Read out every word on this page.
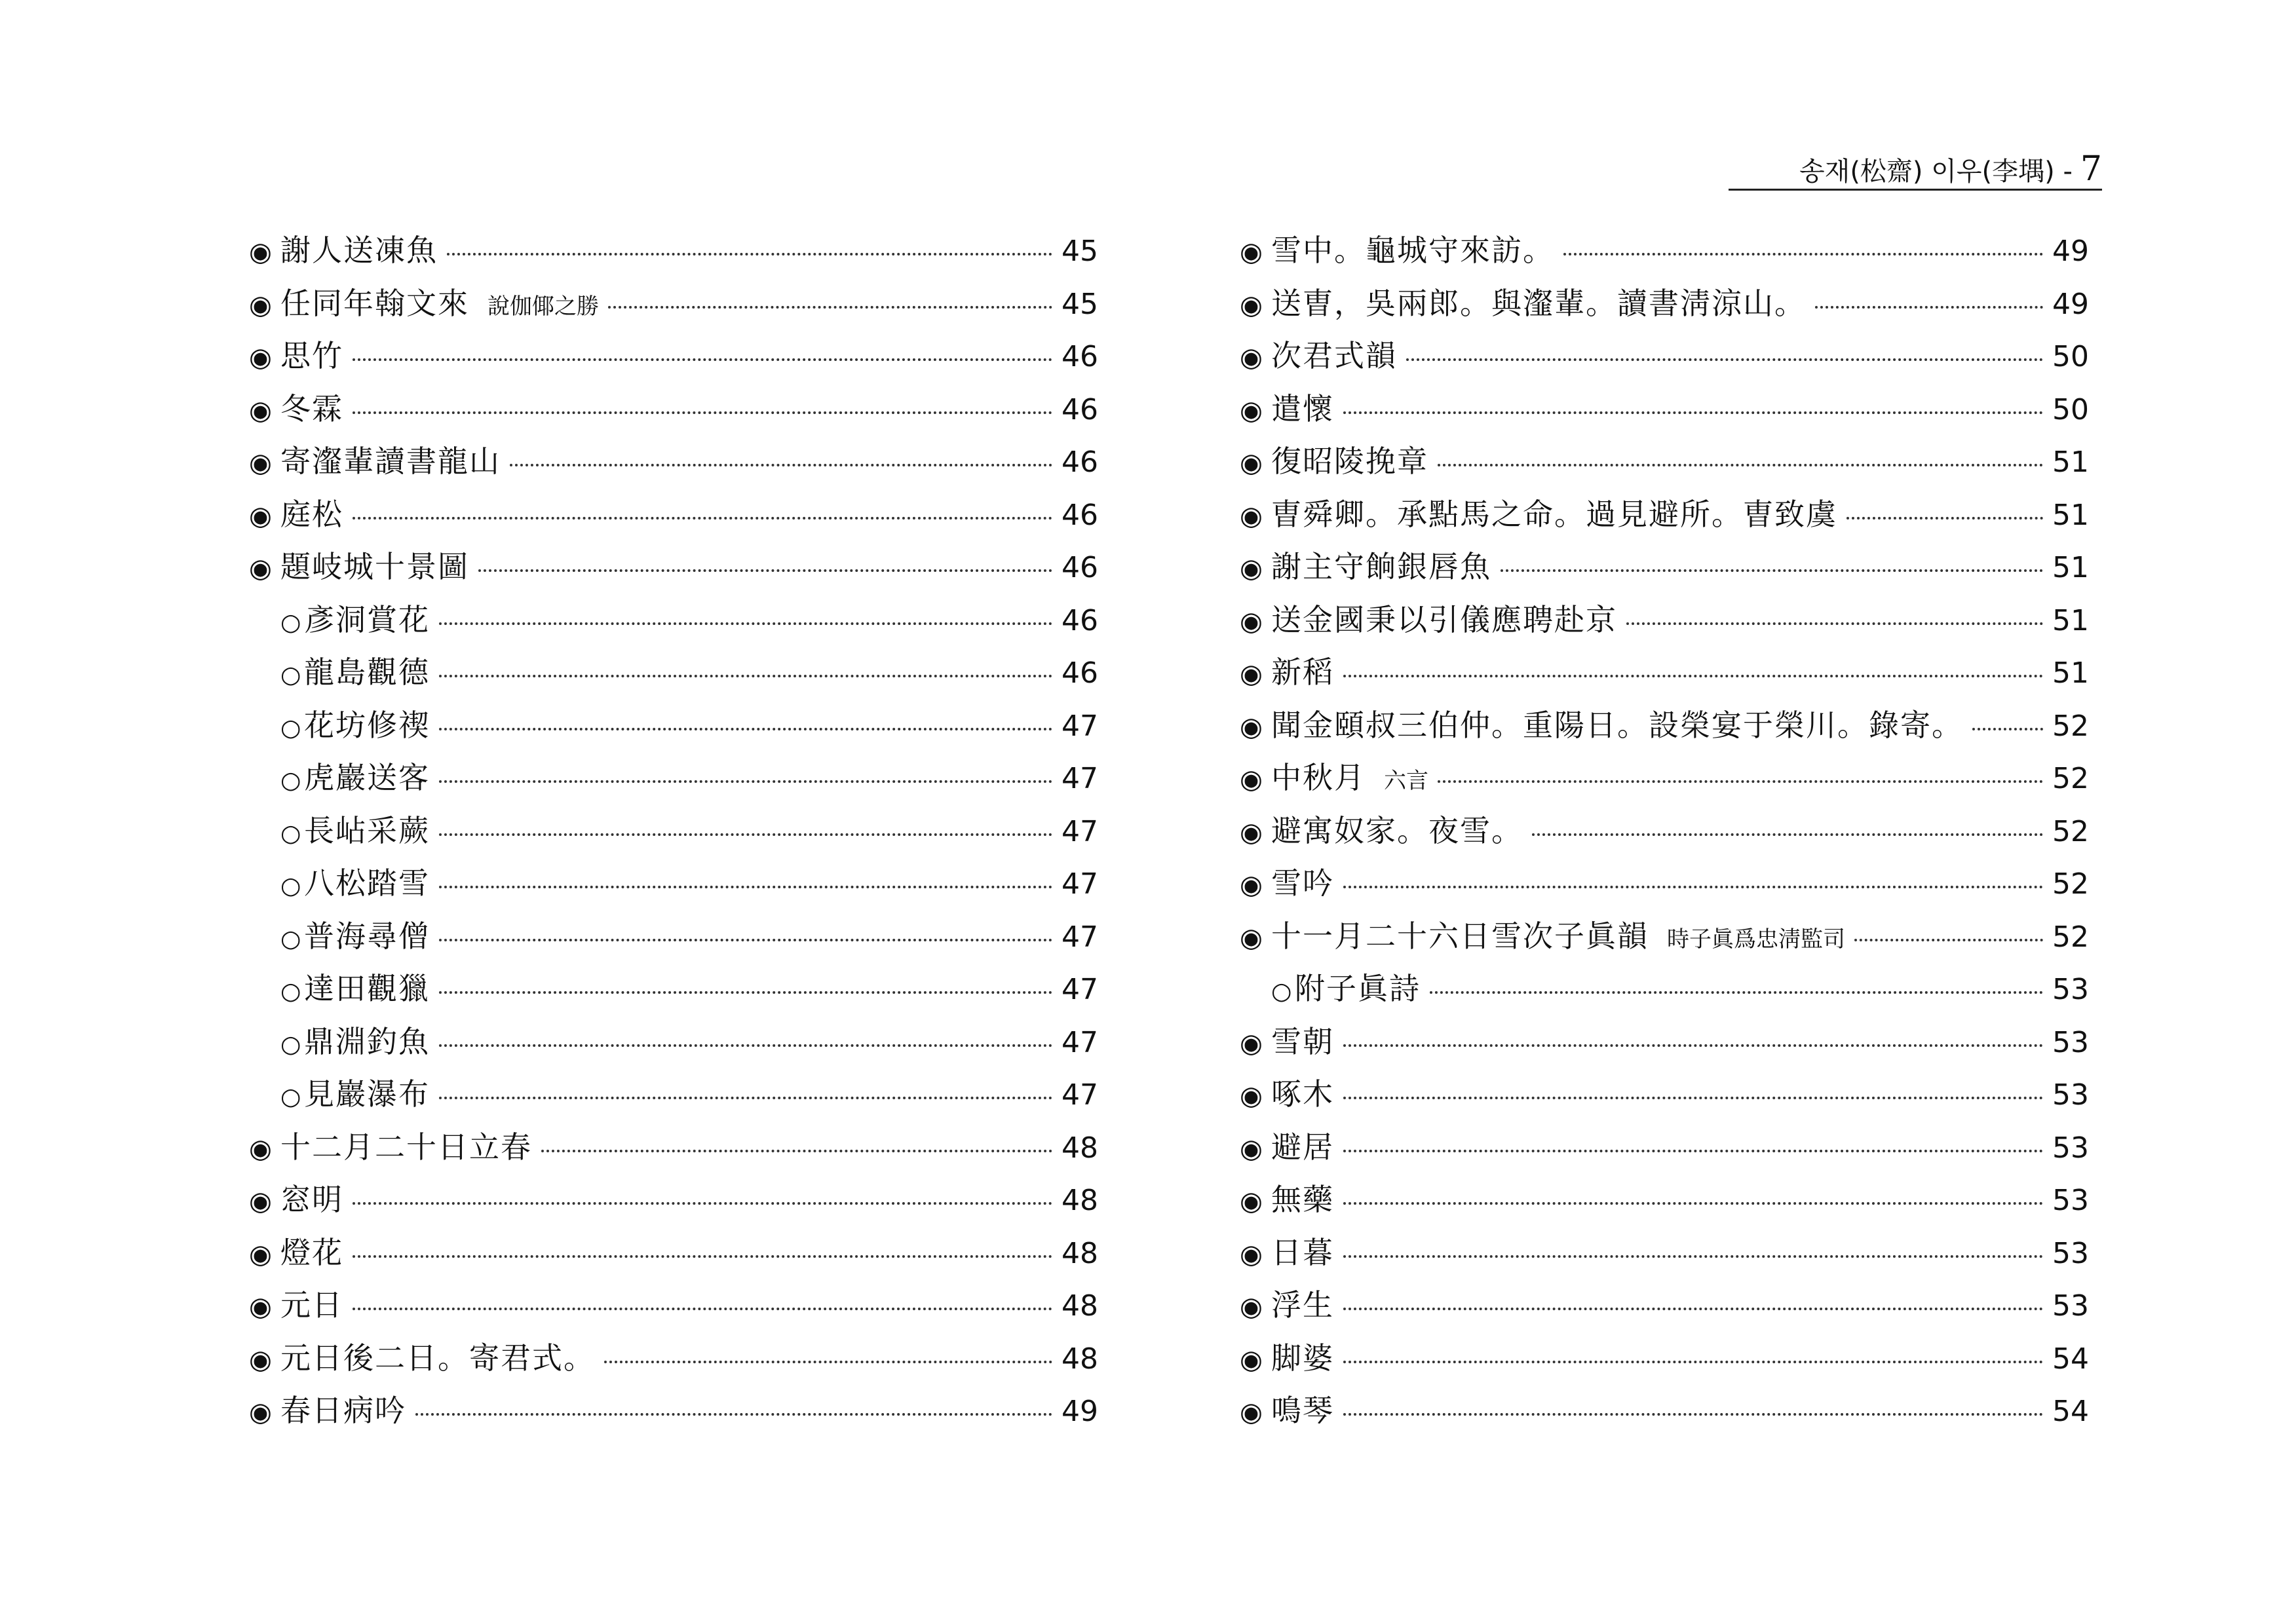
송재(松齋) 이우(李堣) - 7
◉ 謝人送凍魚	45
◉ 任同年翰文來 說伽倻之勝	45
◉ 思竹	46
◉ 冬霖	46
◉ 寄瀣輩讀書龍山	46
◉ 庭松	46
◉ 題岐城十景圖	46
○ 彥洞賞花	46
○ 龍島觀德	46
○ 花坊修禊	47
○ 虎巖送客	47
○ 長岾采蕨	47
○ 八松踏雪	47
○ 普海尋僧	47
○ 達田觀獵	47
○ 鼎淵釣魚	47
○ 見巖瀑布	47
◉ 十二月二十日立春	48
◉ 窓明	48
◉ 燈花	48
◉ 元日	48
◉ 元日後二日。寄君式。	48
◉ 春日病吟	49
◉ 雪中。龜城守來訪。	49
◉ 送曺，吳兩郎。與瀣輩。讀書淸涼山。	49
◉ 次君式韻	50
◉ 遣懷	50
◉ 復昭陵挽章	51
◉ 曺舜卿。承點馬之命。過見避所。曺致虞	51
◉ 謝主守餉銀唇魚	51
◉ 送金國秉以引儀應聘赴京	51
◉ 新稻	51
◉ 聞金頤叔三伯仲。重陽日。設榮宴于榮川。錄寄。	52
◉ 中秋月 六言	52
◉ 避寓奴家。夜雪。	52
◉ 雪吟	52
◉ 十一月二十六日雪次子眞韻 時子眞爲忠淸監司	52
○ 附子眞詩	53
◉ 雪朝	53
◉ 啄木	53
◉ 避居	53
◉ 無藥	53
◉ 日暮	53
◉ 浮生	53
◉ 脚婆	54
◉ 鳴琴	54
